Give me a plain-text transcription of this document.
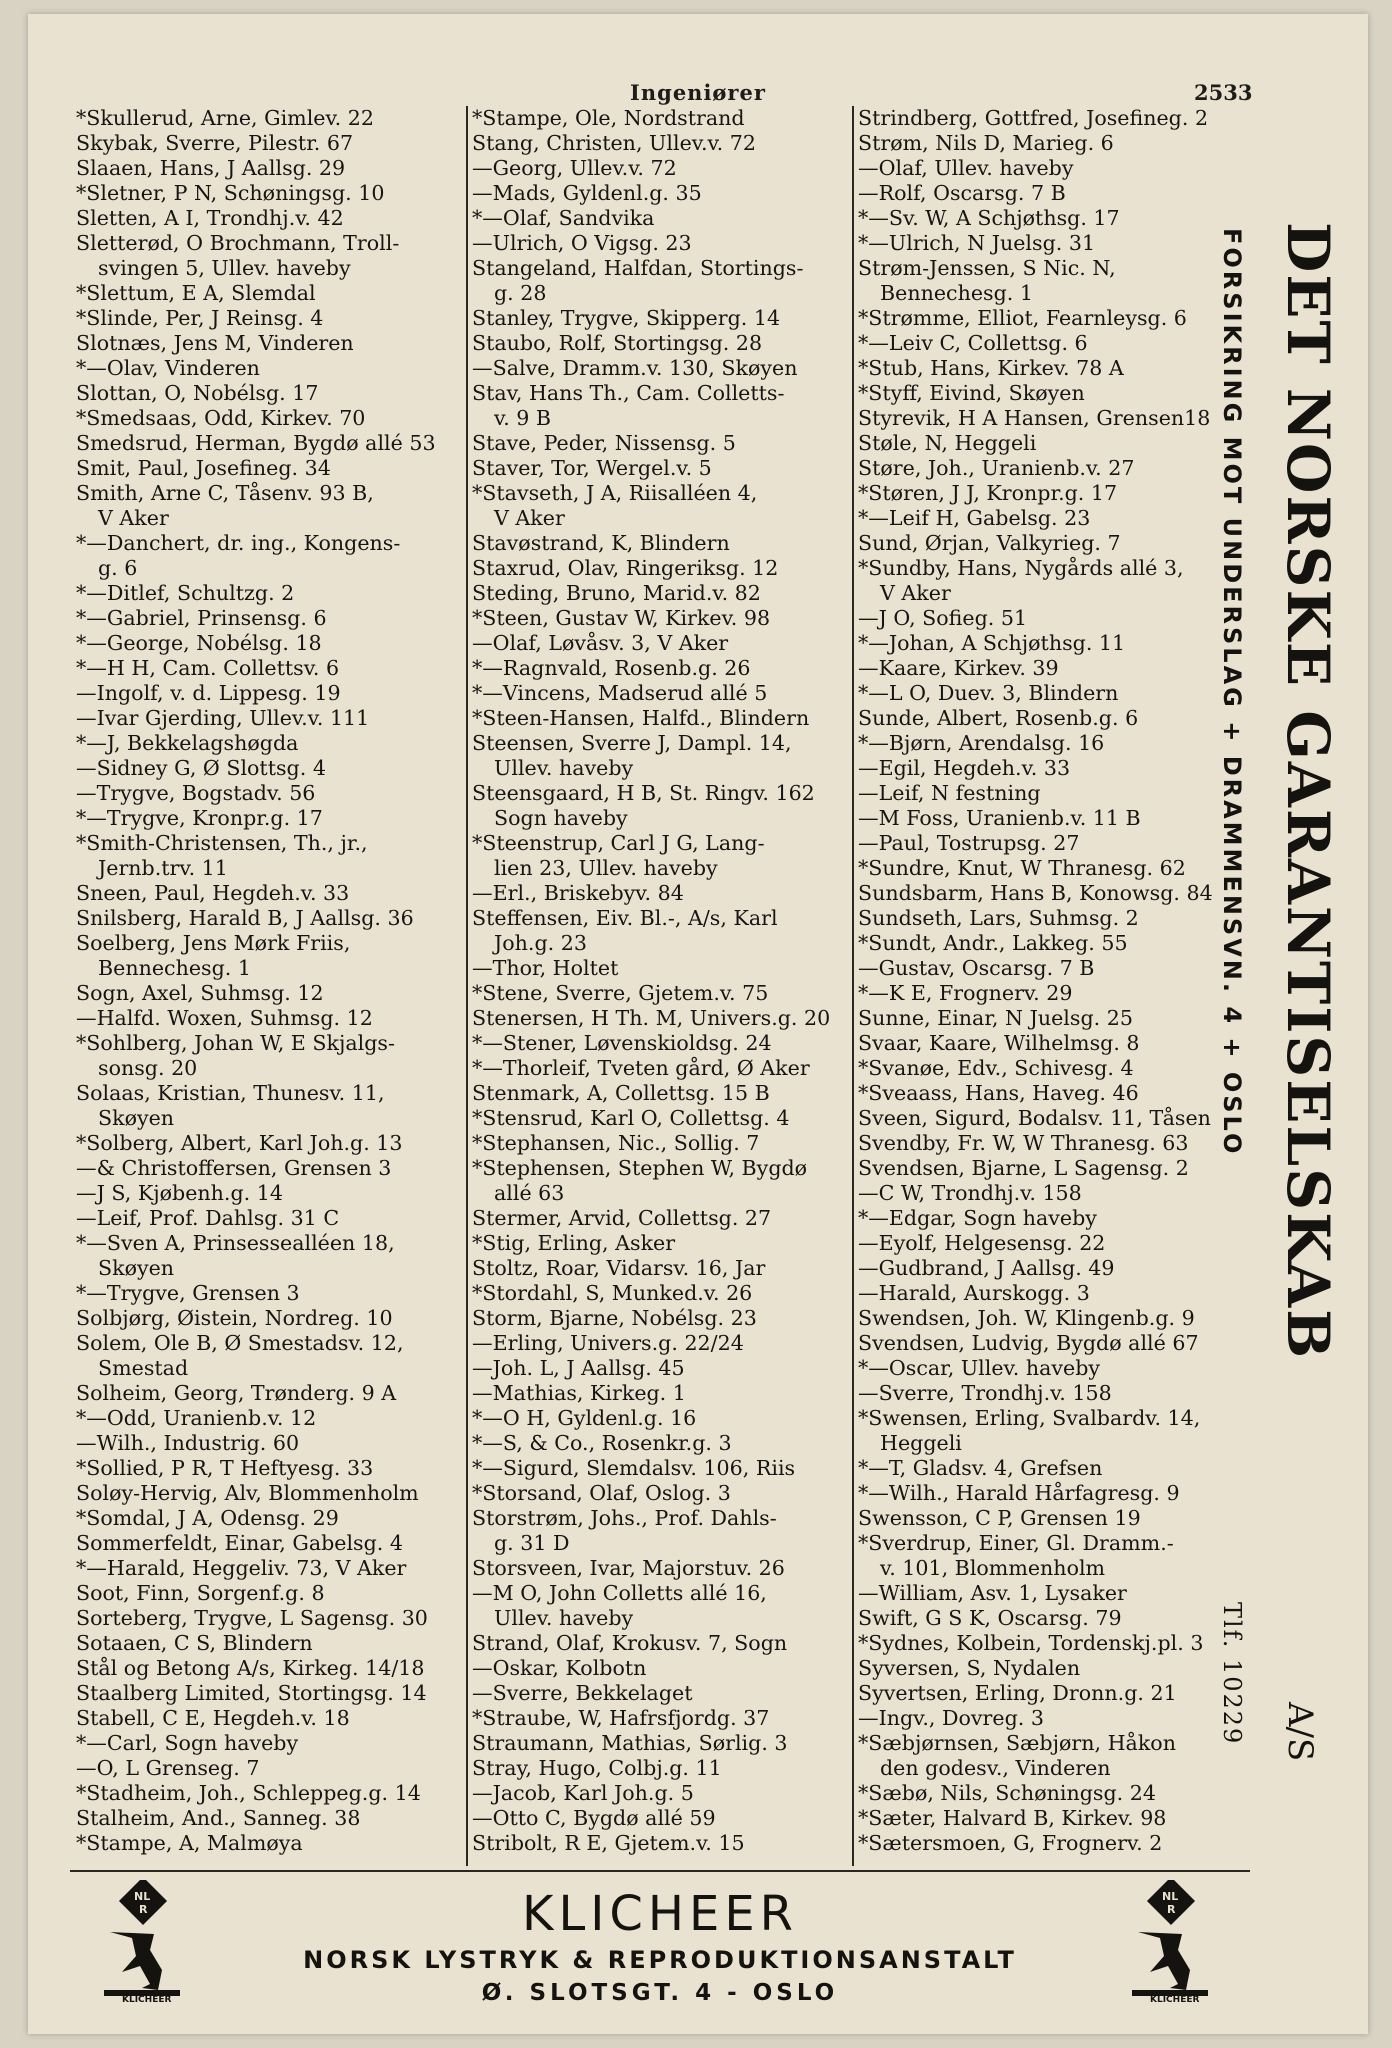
Ingeniører	2533
*Skullerud, Arne, Gimlev. 22
Skybak, Sverre, Pilestr. 67
Slaaen, Hans, J Aallsg. 29
*Sletner, P N, Schøningsg. 10
Sletten, A I, Trondhj.v. 42
Sletterød, O Brochmann, Troll-
svingen 5, Ullev. haveby
*Slettum, E A, Slemdal
*Slinde, Per, J Reinsg. 4
Slotnæs, Jens M, Vinderen
*—Olav, Vinderen
Slottan, O, Nobélsg. 17
*Smedsaas, Odd, Kirkev. 70
Smedsrud, Herman, Bygdø allé 53
Smit, Paul, Josefineg. 34
Smith, Arne C, Tåsenv. 93 B,
V Aker
*—Danchert, dr. ing., Kongens-
g. 6
*—Ditlef, Schultzg. 2
*—Gabriel, Prinsensg. 6
*—George, Nobélsg. 18
*—H H, Cam. Collettsv. 6
—Ingolf, v. d. Lippesg. 19
—Ivar Gjerding, Ullev.v. 111
*—J, Bekkelagshøgda
—Sidney G, Ø Slottsg. 4
—Trygve, Bogstadv. 56
*—Trygve, Kronpr.g. 17
*Smith-Christensen, Th., jr.,
Jernb.trv. 11
Sneen, Paul, Hegdeh.v. 33
Snilsberg, Harald B, J Aallsg. 36
Soelberg, Jens Mørk Friis,
Bennechesg. 1
Sogn, Axel, Suhmsg. 12
—Halfd. Woxen, Suhmsg. 12
*Sohlberg, Johan W, E Skjalgs-
sonsg. 20
Solaas, Kristian, Thunesv. 11,
Skøyen
*Solberg, Albert, Karl Joh.g. 13
—& Christoffersen, Grensen 3
—J S, Kjøbenh.g. 14
—Leif, Prof. Dahlsg. 31 C
*—Sven A, Prinsessealléen 18,
Skøyen
*—Trygve, Grensen 3
Solbjørg, Øistein, Nordreg. 10
Solem, Ole B, Ø Smestadsv. 12,
Smestad
Solheim, Georg, Trønderg. 9 A
*—Odd, Uranienb.v. 12
—Wilh., Industrig. 60
*Sollied, P R, T Heftyesg. 33
Soløy-Hervig, Alv, Blommenholm
*Somdal, J A, Odensg. 29
Sommerfeldt, Einar, Gabelsg. 4
*—Harald, Heggeliv. 73, V Aker
Soot, Finn, Sorgenf.g. 8
Sorteberg, Trygve, L Sagensg. 30
Sotaaen, C S, Blindern
Stål og Betong A/s, Kirkeg. 14/18
Staalberg Limited, Stortingsg. 14
Stabell, C E, Hegdeh.v. 18
*—Carl, Sogn haveby
—O, L Grenseg. 7
*Stadheim, Joh., Schleppeg.g. 14
Stalheim, And., Sanneg. 38
*Stampe, A, Malmøya
*Stampe, Ole, Nordstrand
Stang, Christen, Ullev.v. 72
—Georg, Ullev.v. 72
—Mads, Gyldenl.g. 35
*—Olaf, Sandvika
—Ulrich, O Vigsg. 23
Stangeland, Halfdan, Stortings-
g. 28
Stanley, Trygve, Skipperg. 14
Staubo, Rolf, Stortingsg. 28
—Salve, Dramm.v. 130, Skøyen
Stav, Hans Th., Cam. Colletts-
v. 9 B
Stave, Peder, Nissensg. 5
Staver, Tor, Wergel.v. 5
*Stavseth, J A, Riisalléen 4,
V Aker
Stavøstrand, K, Blindern
Staxrud, Olav, Ringeriksg. 12
Steding, Bruno, Marid.v. 82
*Steen, Gustav W, Kirkev. 98
—Olaf, Løvåsv. 3, V Aker
*—Ragnvald, Rosenb.g. 26
*—Vincens, Madserud allé 5
*Steen-Hansen, Halfd., Blindern
Steensen, Sverre J, Dampl. 14,
Ullev. haveby
Steensgaard, H B, St. Ringv. 162
Sogn haveby
*Steenstrup, Carl J G, Lang-
lien 23, Ullev. haveby
—Erl., Briskebyv. 84
Steffensen, Eiv. Bl.-, A/s, Karl
Joh.g. 23
—Thor, Holtet
*Stene, Sverre, Gjetem.v. 75
Stenersen, H Th. M, Univers.g. 20
*—Stener, Løvenskioldsg. 24
*—Thorleif, Tveten gård, Ø Aker
Stenmark, A, Collettsg. 15 B
*Stensrud, Karl O, Collettsg. 4
*Stephansen, Nic., Sollig. 7
*Stephensen, Stephen W, Bygdø
allé 63
Stermer, Arvid, Collettsg. 27
*Stig, Erling, Asker
Stoltz, Roar, Vidarsv. 16, Jar
*Stordahl, S, Munked.v. 26
Storm, Bjarne, Nobélsg. 23
—Erling, Univers.g. 22/24
—Joh. L, J Aallsg. 45
—Mathias, Kirkeg. 1
*—O H, Gyldenl.g. 16
*—S, & Co., Rosenkr.g. 3
*—Sigurd, Slemdalsv. 106, Riis
*Storsand, Olaf, Oslog. 3
Storstrøm, Johs., Prof. Dahls-
g. 31 D
Storsveen, Ivar, Majorstuv. 26
—M O, John Colletts allé 16,
Ullev. haveby
Strand, Olaf, Krokusv. 7, Sogn
—Oskar, Kolbotn
—Sverre, Bekkelaget
*Straube, W, Hafrsfjordg. 37
Straumann, Mathias, Sørlig. 3
Stray, Hugo, Colbj.g. 11
—Jacob, Karl Joh.g. 5
—Otto C, Bygdø allé 59
Stribolt, R E, Gjetem.v. 15
Strindberg, Gottfred, Josefineg. 2
Strøm, Nils D, Marieg. 6
—Olaf, Ullev. haveby
—Rolf, Oscarsg. 7 B
*—Sv. W, A Schjøthsg. 17
*—Ulrich, N Juelsg. 31
Strøm-Jenssen, S Nic. N,
Bennechesg. 1
*Strømme, Elliot, Fearnleysg. 6
*—Leiv C, Collettsg. 6
*Stub, Hans, Kirkev. 78 A
*Styff, Eivind, Skøyen
Styrevik, H A Hansen, Grensen18
Støle, N, Heggeli
Støre, Joh., Uranienb.v. 27
*Støren, J J, Kronpr.g. 17
*—Leif H, Gabelsg. 23
Sund, Ørjan, Valkyrieg. 7
*Sundby, Hans, Nygårds allé 3,
V Aker
—J O, Sofieg. 51
*—Johan, A Schjøthsg. 11
—Kaare, Kirkev. 39
*—L O, Duev. 3, Blindern
Sunde, Albert, Rosenb.g. 6
*—Bjørn, Arendalsg. 16
—Egil, Hegdeh.v. 33
—Leif, N festning
—M Foss, Uranienb.v. 11 B
—Paul, Tostrupsg. 27
*Sundre, Knut, W Thranesg. 62
Sundsbarm, Hans B, Konowsg. 84
Sundseth, Lars, Suhmsg. 2
*Sundt, Andr., Lakkeg. 55
—Gustav, Oscarsg. 7 B
*—K E, Frognerv. 29
Sunne, Einar, N Juelsg. 25
Svaar, Kaare, Wilhelmsg. 8
*Svanøe, Edv., Schivesg. 4
*Sveaass, Hans, Haveg. 46
Sveen, Sigurd, Bodalsv. 11, Tåsen
Svendby, Fr. W, W Thranesg. 63
Svendsen, Bjarne, L Sagensg. 2
—C W, Trondhj.v. 158
*—Edgar, Sogn haveby
—Eyolf, Helgesensg. 22
—Gudbrand, J Aallsg. 49
—Harald, Aurskogg. 3
Swendsen, Joh. W, Klingenb.g. 9
Svendsen, Ludvig, Bygdø allé 67
*—Oscar, Ullev. haveby
—Sverre, Trondhj.v. 158
*Swensen, Erling, Svalbardv. 14,
Heggeli
*—T, Gladsv. 4, Grefsen
*—Wilh., Harald Hårfagresg. 9
Swensson, C P, Grensen 19
*Sverdrup, Einer, Gl. Dramm.-
v. 101, Blommenholm
—William, Asv. 1, Lysaker
Swift, G S K, Oscarsg. 79
*Sydnes, Kolbein, Tordenskj.pl. 3
Syversen, S, Nydalen
Syvertsen, Erling, Dronn.g. 21
—Ingv., Dovreg. 3
*Sæbjørnsen, Sæbjørn, Håkon
den godesv., Vinderen
*Sæbø, Nils, Schøningsg. 24
*Sæter, Halvard B, Kirkev. 98
*Sætersmoen, G, Frognerv. 2
FORSIKRING MOT UNDERSLAG + DRAMMENSVN. 4 + OSLO
Tlf. 10229
DET NORSKE GARANTISELSKAB
A/S
NL
R
KLICHEER
KLICHEER
NORSK LYSTRYK & REPRODUKTIONSANSTALT
Ø. SLOTSGT. 4 - OSLO
NL
R
KLICHEER
